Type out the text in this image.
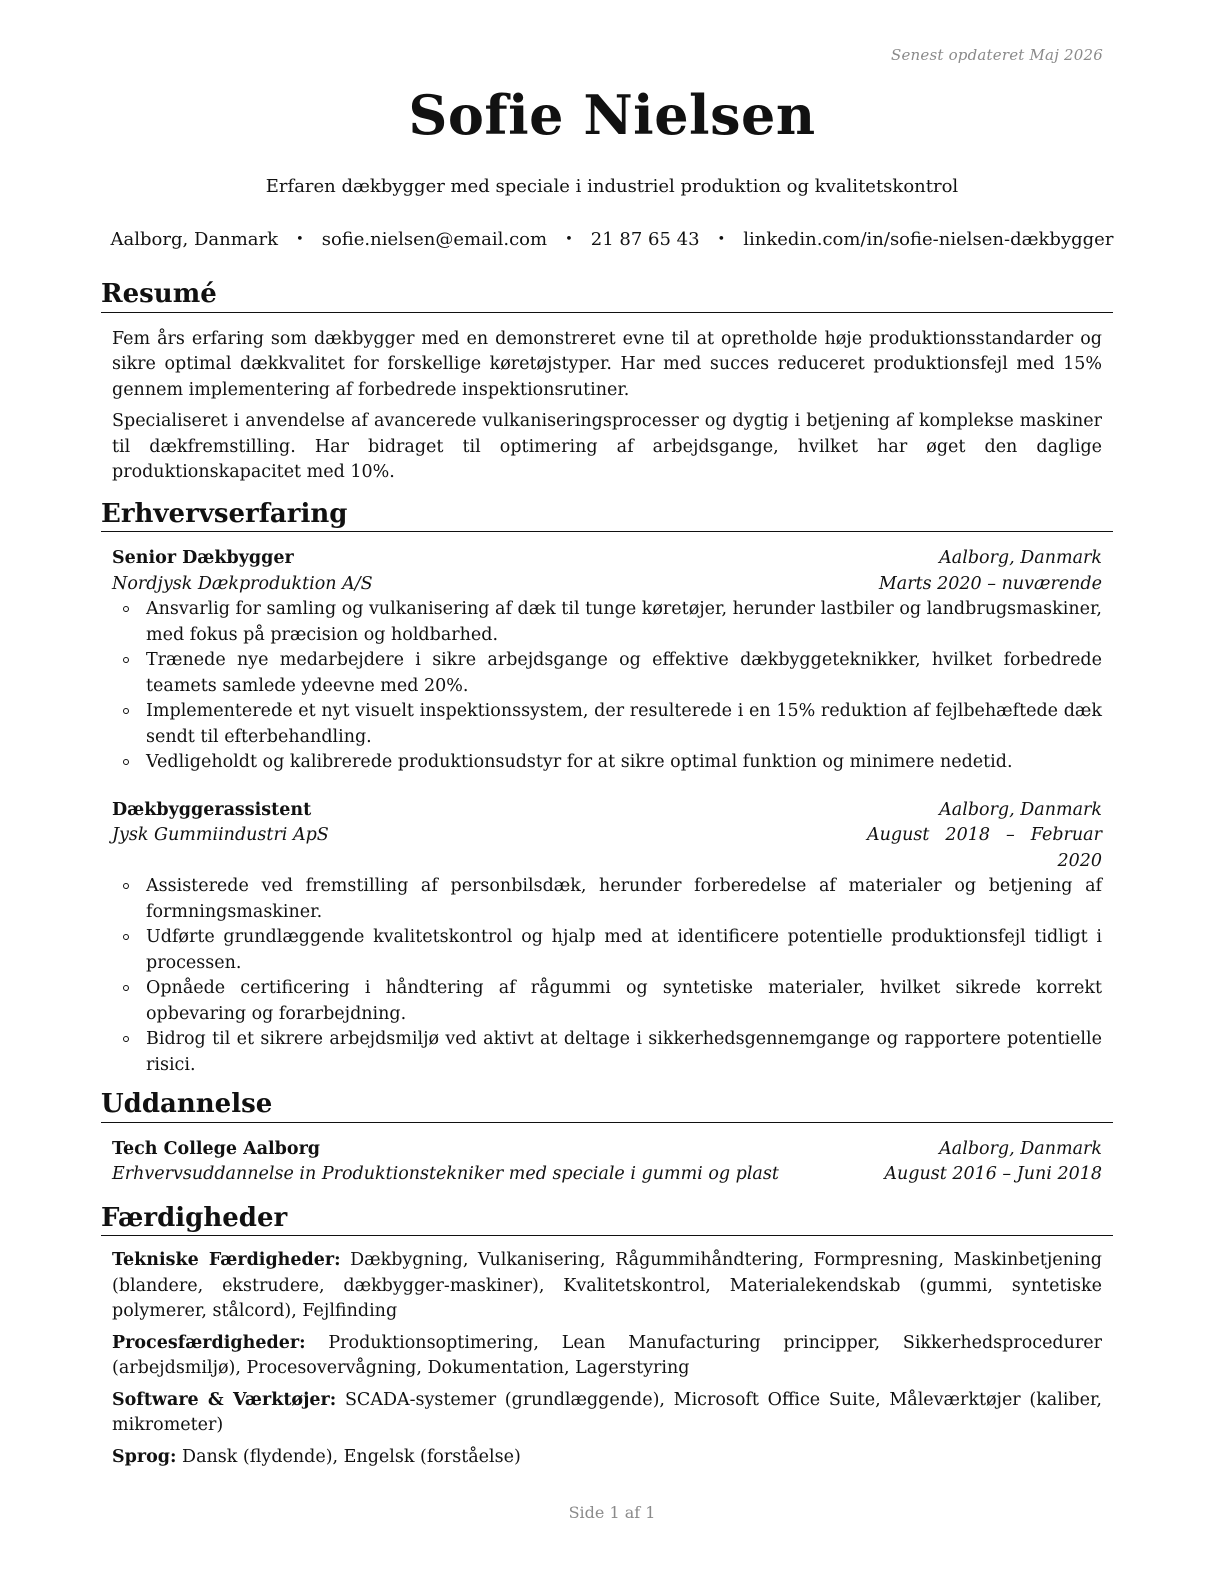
Senest opdateret Maj 2026
Sofie Nielsen
Erfaren dækbygger med speciale i industriel produktion og kvalitetskontrol
Aalborg, Danmark • sofie.nielsen@email.com • 21 87 65 43 • linkedin.com/in/sofie-nielsen-dækbygger
Resumé

Fem års erfaring som dækbygger med en demonstreret evne til at opretholde høje produktionsstandarder og sikre optimal dækkvalitet for forskellige køretøjstyper. Har med succes reduceret produktionsfejl med 15% gennem implementering af forbedrede inspektionsrutiner.

Specialiseret i anvendelse af avancerede vulkaniseringsprocesser og dygtig i betjening af komplekse maskiner til dækfremstilling. Har bidraget til optimering af arbejdsgange, hvilket har øget den daglige produktionskapacitet med 10%.

Erhvervserfaring
Senior Dækbygger	Aalborg, Danmark
Nordjysk Dækproduktion A/S	Marts 2020 – nuværende
Ansvarlig for samling og vulkanisering af dæk til tunge køretøjer, herunder lastbiler og landbrugsmaskiner, med fokus på præcision og holdbarhed.
Trænede nye medarbejdere i sikre arbejdsgange og effektive dækbyggeteknikker, hvilket forbedrede teamets samlede ydeevne med 20%.
Implementerede et nyt visuelt inspektionssystem, der resulterede i en 15% reduktion af fejlbehæftede dæk sendt til efterbehandling.
Vedligeholdt og kalibrerede produktionsudstyr for at sikre optimal funktion og minimere nedetid.
Dækbyggerassistent	Aalborg, Danmark
Jysk Gummiindustri ApS	August 2018 – Februar 2020
Assisterede ved fremstilling af personbilsdæk, herunder forberedelse af materialer og betjening af formningsmaskiner.
Udførte grundlæggende kvalitetskontrol og hjalp med at identificere potentielle produktionsfejl tidligt i processen.
Opnåede certificering i håndtering af rågummi og syntetiske materialer, hvilket sikrede korrekt opbevaring og forarbejdning.
Bidrog til et sikrere arbejdsmiljø ved aktivt at deltage i sikkerhedsgennemgange og rapportere potentielle risici.
Uddannelse
Tech College Aalborg	Aalborg, Danmark
Erhvervsuddannelse in Produktionstekniker med speciale i gummi og plast	August 2016 – Juni 2018
Færdigheder

Tekniske Færdigheder: Dækbygning, Vulkanisering, Rågummihåndtering, Formpresning, Maskinbetjening (blandere, ekstrudere, dækbygger-maskiner), Kvalitetskontrol, Materialekendskab (gummi, syntetiske polymerer, stålcord), Fejlfinding

Procesfærdigheder: Produktionsoptimering, Lean Manufacturing principper, Sikkerhedsprocedurer (arbejdsmiljø), Procesovervågning, Dokumentation, Lagerstyring

Software & Værktøjer: SCADA-systemer (grundlæggende), Microsoft Office Suite, Måleværktøjer (kaliber, mikrometer)

Sprog: Dansk (flydende), Engelsk (forståelse)

Side 1 af 1
